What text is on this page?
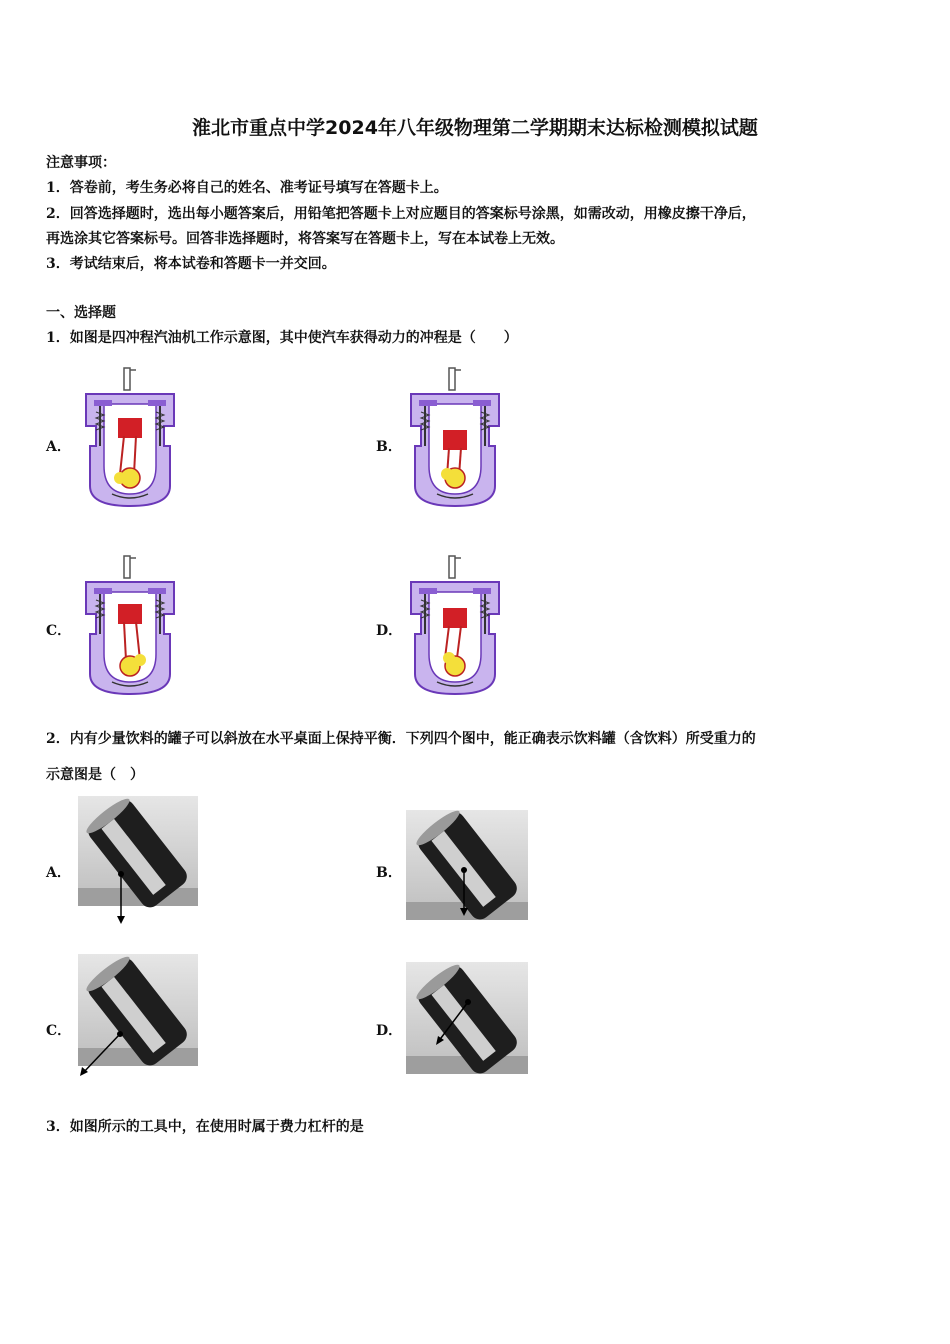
淮北市重点中学2024年八年级物理第二学期期末达标检测模拟试题
注意事项：
1．答卷前，考生务必将自己的姓名、准考证号填写在答题卡上。
2．回答选择题时，选出每小题答案后，用铅笔把答题卡上对应题目的答案标号涂黑，如需改动，用橡皮擦干净后，
再选涂其它答案标号。回答非选择题时，将答案写在答题卡上，写在本试卷上无效。
3．考试结束后，将本试卷和答题卡一并交回。
一、选择题
1．如图是四冲程汽油机工作示意图，其中使汽车获得动力的冲程是（　　）
A．	B．
C．	D．
2．内有少量饮料的罐子可以斜放在水平桌面上保持平衡．下列四个图中，能正确表示饮料罐（含饮料）所受重力的
示意图是（　）
A．	B．
C．	D．
3．如图所示的工具中，在使用时属于费力杠杆的是
